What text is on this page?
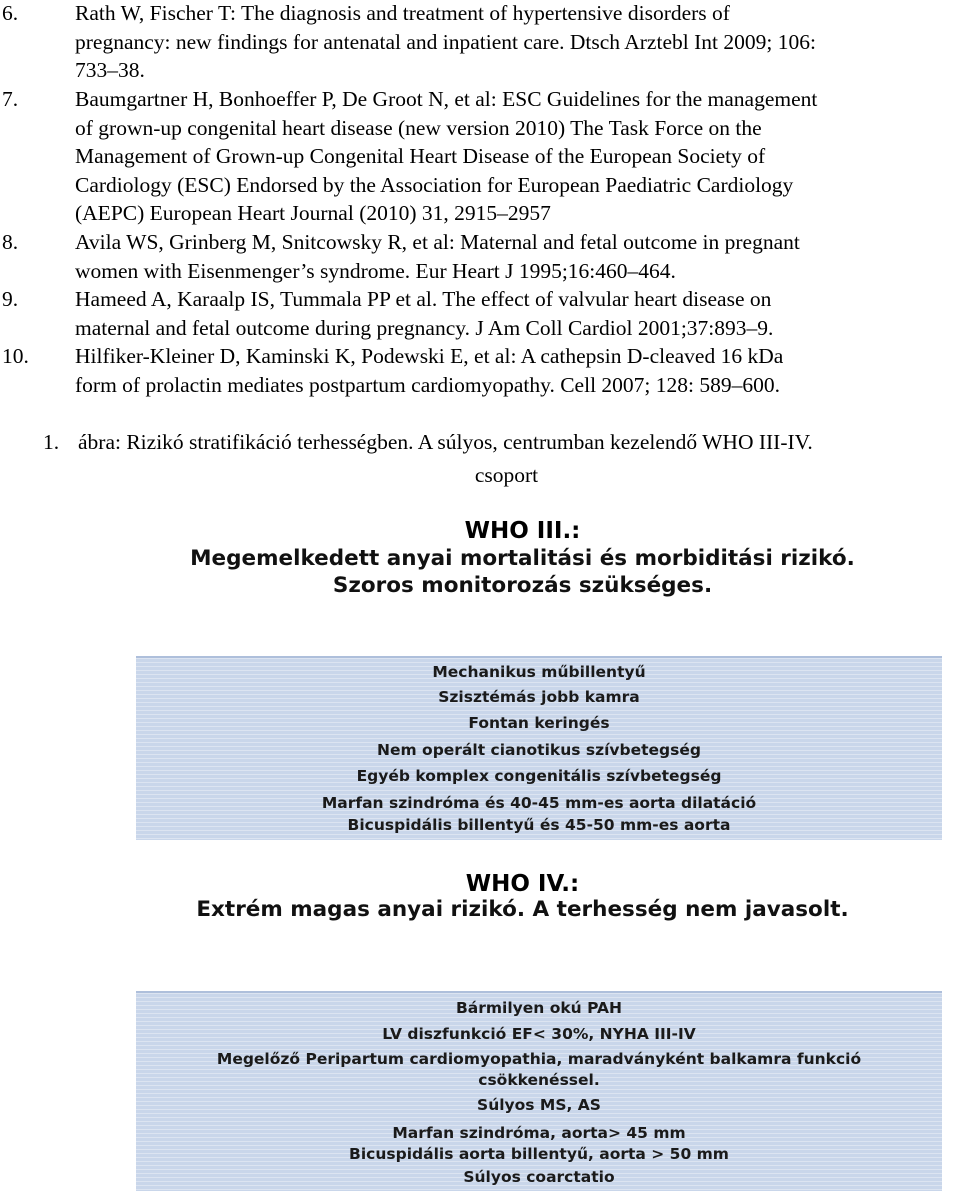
6.	Rath W, Fischer T: The diagnosis and treatment of hypertensive disorders of
pregnancy: new findings for antenatal and inpatient care. Dtsch Arztebl Int 2009; 106:
733–38.
7.	Baumgartner H, Bonhoeffer P, De Groot N, et al: ESC Guidelines for the management
of grown-up congenital heart disease (new version 2010) The Task Force on the
Management of Grown-up Congenital Heart Disease of the European Society of
Cardiology (ESC) Endorsed by the Association for European Paediatric Cardiology
(AEPC) European Heart Journal (2010) 31, 2915–2957
8.	Avila WS, Grinberg M, Snitcowsky R, et al: Maternal and fetal outcome in pregnant
women with Eisenmenger’s syndrome. Eur Heart J 1995;16:460–464.
9.	Hameed A, Karaalp IS, Tummala PP et al. The effect of valvular heart disease on
maternal and fetal outcome during pregnancy. J Am Coll Cardiol 2001;37:893–9.
10. Hilfiker-Kleiner D, Kaminski K, Podewski E, et al: A cathepsin D-cleaved 16 kDa
form of prolactin mediates postpartum cardiomyopathy. Cell 2007; 128: 589–600.
1. ábra: Rizikó stratifikáció terhességben. A súlyos, centrumban kezelendő WHO III-IV.
csoport
WHO III.:
Megemelkedett anyai mortalitási és morbiditási rizikó.
Szoros monitorozás szükséges.
Mechanikus műbillentyű
Szisztémás jobb kamra
Fontan keringés
Nem operált cianotikus szívbetegség
Egyéb komplex congenitális szívbetegség
Marfan szindróma és 40-45 mm-es aorta dilatáció
Bicuspidális billentyű és 45-50 mm-es aorta
WHO IV.:
Extrém magas anyai rizikó. A terhesség nem javasolt.
Bármilyen okú PAH
LV diszfunkció EF< 30%, NYHA III-IV
Megelőző Peripartum cardiomyopathia, maradványként balkamra funkció
csökkenéssel.
Súlyos MS, AS
Marfan szindróma, aorta> 45 mm
Bicuspidális aorta billentyű, aorta > 50 mm
Súlyos coarctatio
